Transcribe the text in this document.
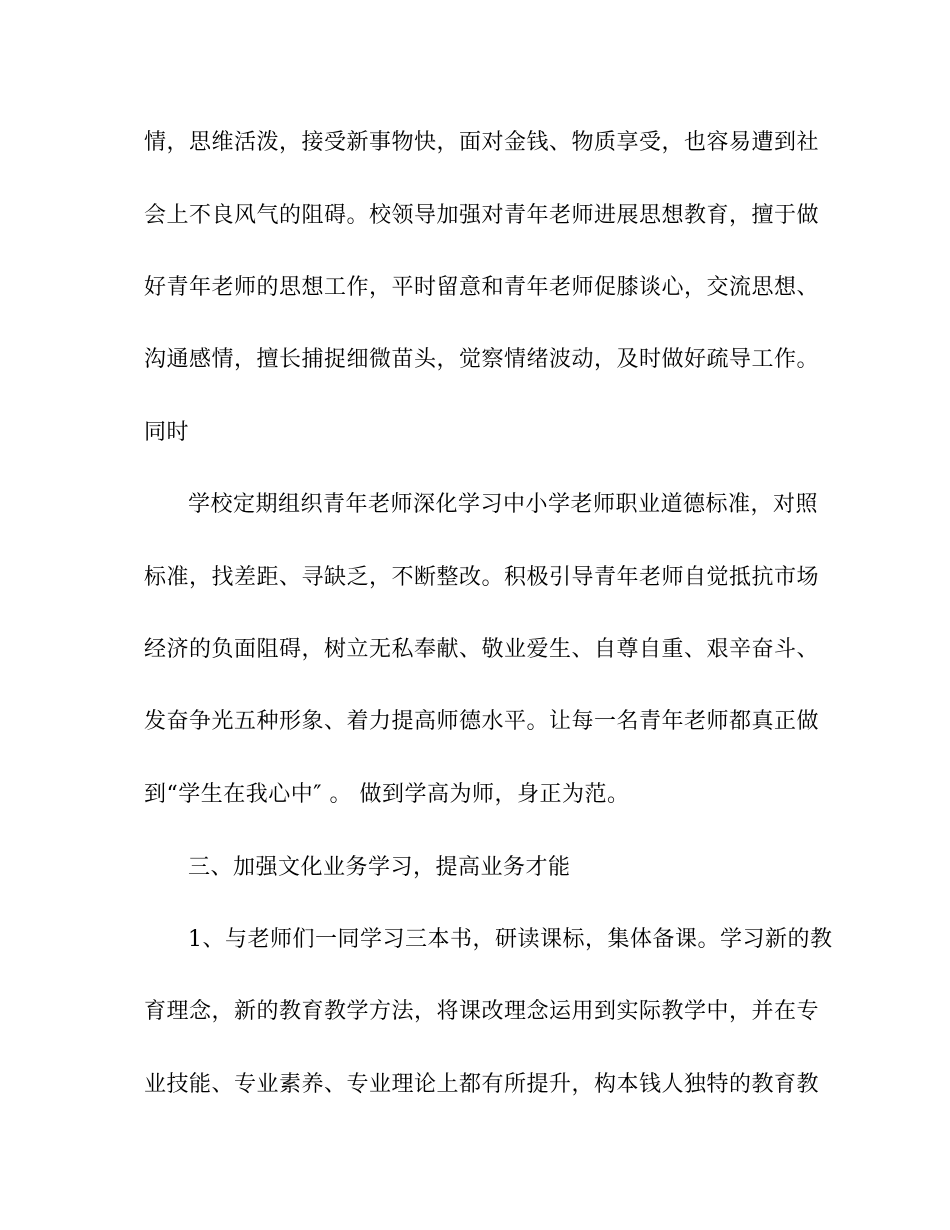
情，思维活泼，接受新事物快，面对金钱、物质享受，也容易遭到社
会上不良风气的阻碍。校领导加强对青年老师进展思想教育，擅于做
好青年老师的思想工作，平时留意和青年老师促膝谈心，交流思想、
沟通感情，擅长捕捉细微苗头，觉察情绪波动，及时做好疏导工作。
同时
学校定期组织青年老师深化学习中小学老师职业道德标准，对照
标准，找差距、寻缺乏，不断整改。积极引导青年老师自觉抵抗市场
经济的负面阻碍，树立无私奉献、敬业爱生、自尊自重、艰辛奋斗、
发奋争光五种形象、着力提高师德水平。让每一名青年老师都真正做
到“学生在我心中″ 。 做到学高为师，身正为范。
三、加强文化业务学习，提高业务才能
1、与老师们一同学习三本书，研读课标，集体备课。学习新的教
育理念，新的教育教学方法，将课改理念运用到实际教学中，并在专
业技能、专业素养、专业理论上都有所提升，构本钱人独特的教育教
